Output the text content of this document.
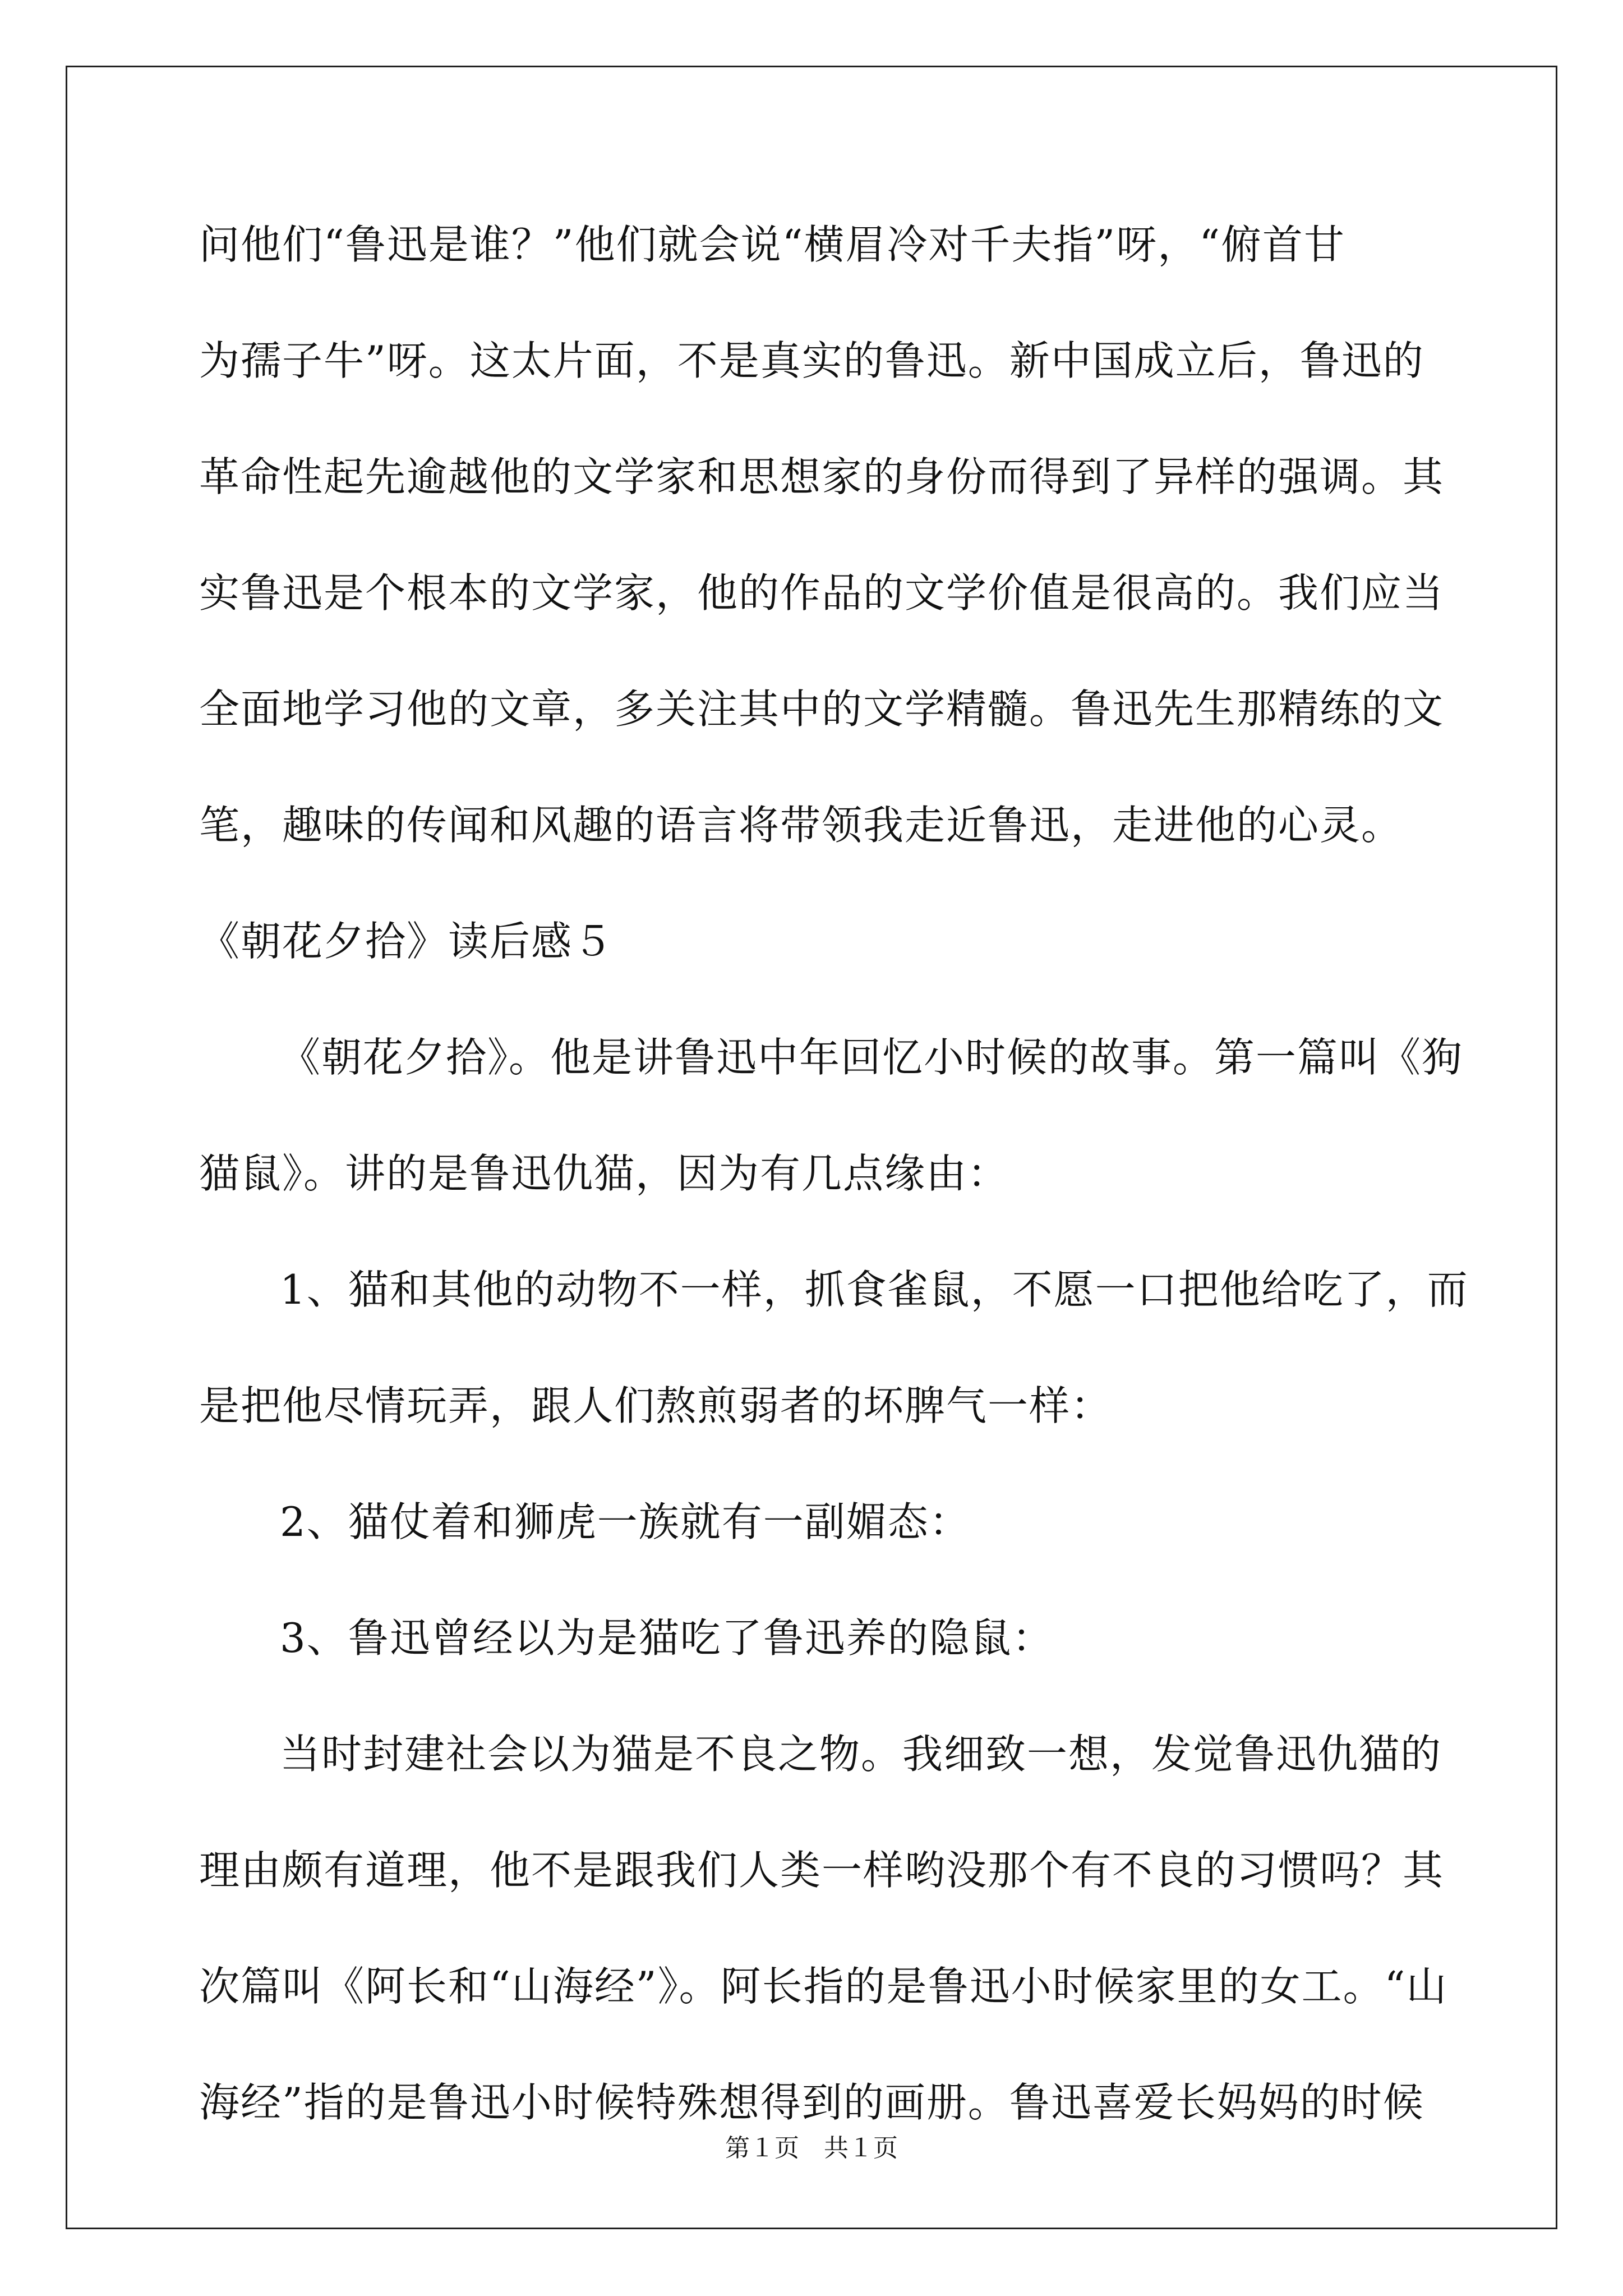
问他们“鲁迅是谁？”他们就会说“横眉冷对千夫指”呀，“俯首甘
为孺子牛”呀。这太片面，不是真实的鲁迅。新中国成立后，鲁迅的
革命性起先逾越他的文学家和思想家的身份而得到了异样的强调。其
实鲁迅是个根本的文学家，他的作品的文学价值是很高的。我们应当
全面地学习他的文章，多关注其中的文学精髓。鲁迅先生那精练的文
笔，趣味的传闻和风趣的语言将带领我走近鲁迅，走进他的心灵。
《朝花夕拾》读后感５
《朝花夕拾》。他是讲鲁迅中年回忆小时候的故事。第一篇叫《狗
猫鼠》。讲的是鲁迅仇猫，因为有几点缘由：
1、猫和其他的动物不一样，抓食雀鼠，不愿一口把他给吃了，而
是把他尽情玩弄，跟人们熬煎弱者的坏脾气一样：
2、猫仗着和狮虎一族就有一副媚态：
3、鲁迅曾经以为是猫吃了鲁迅养的隐鼠：
当时封建社会以为猫是不良之物。我细致一想，发觉鲁迅仇猫的
理由颇有道理，他不是跟我们人类一样哟没那个有不良的习惯吗？其
次篇叫《阿长和“山海经”》。阿长指的是鲁迅小时候家里的女工。“山
海经”指的是鲁迅小时候特殊想得到的画册。鲁迅喜爱长妈妈的时候
第１页　共１页
